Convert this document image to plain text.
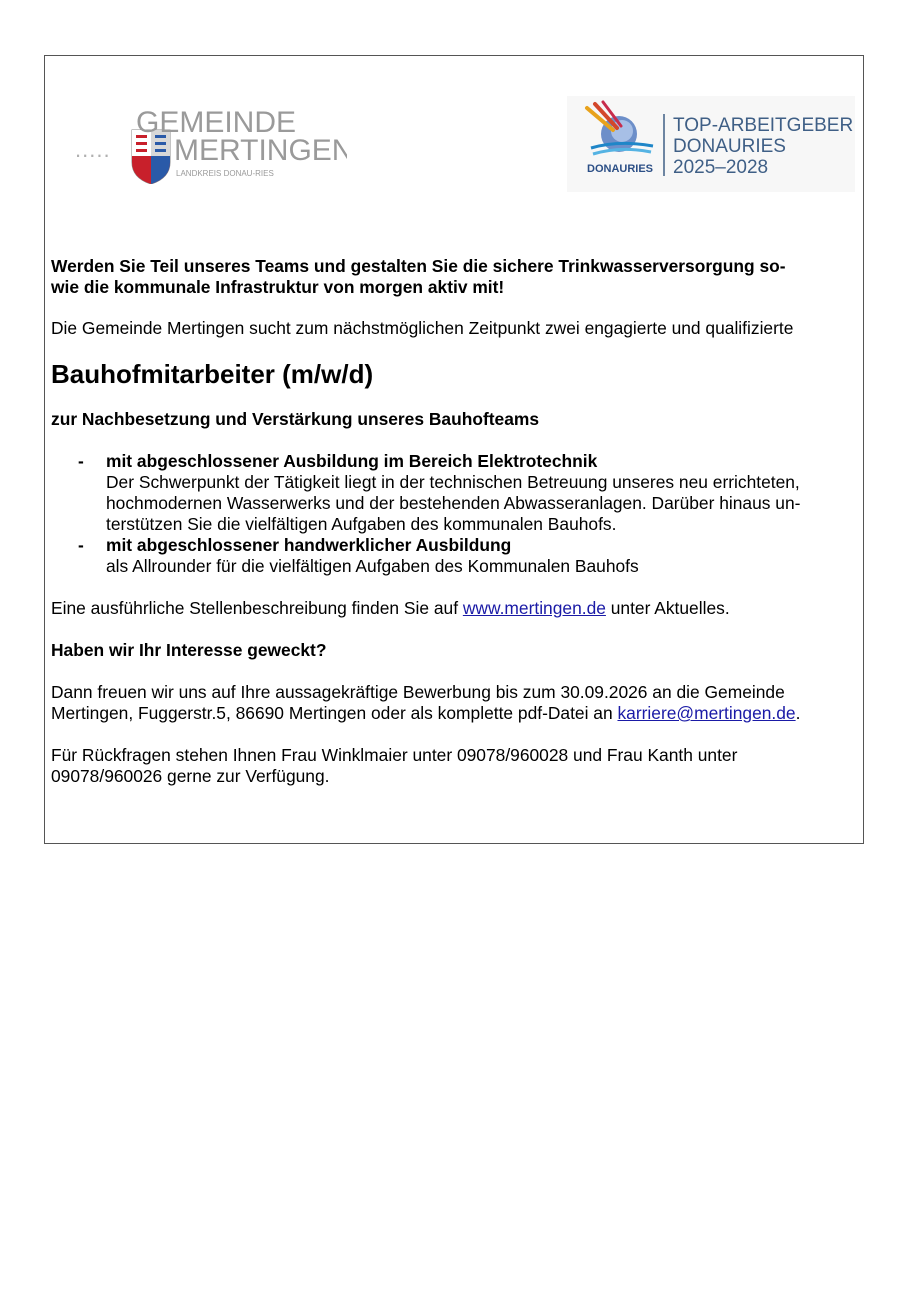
.....
GEMEINDE
MERTINGEN
LANDKREIS DONAU-RIES	DONAURIES
TOP-ARBEITGEBER
DONAURIES
2025–2028

Werden Sie Teil unseres Teams und gestalten Sie die sichere Trinkwasserversorgung so-
wie die kommunale Infrastruktur von morgen aktiv mit!

Die Gemeinde Mertingen sucht zum nächstmöglichen Zeitpunkt zwei engagierte und qualifizierte

Bauhofmitarbeiter (m/w/d)

zur Nachbesetzung und Verstärkung unseres Bauhofteams

- mit abgeschlossener Ausbildung im Bereich Elektrotechnik

Der Schwerpunkt der Tätigkeit liegt in der technischen Betreuung unseres neu errichteten,
hochmodernen Wasserwerks und der bestehenden Abwasseranlagen. Darüber hinaus un-
terstützen Sie die vielfältigen Aufgaben des kommunalen Bauhofs.

- mit abgeschlossener handwerklicher Ausbildung

als Allrounder für die vielfältigen Aufgaben des Kommunalen Bauhofs

Eine ausführliche Stellenbeschreibung finden Sie auf www.mertingen.de unter Aktuelles.

Haben wir Ihr Interesse geweckt?

Dann freuen wir uns auf Ihre aussagekräftige Bewerbung bis zum 30.09.2026 an die Gemeinde
Mertingen, Fuggerstr.5, 86690 Mertingen oder als komplette pdf-Datei an karriere@mertingen.de.

Für Rückfragen stehen Ihnen Frau Winklmaier unter 09078/960028 und Frau Kanth unter
09078/960026 gerne zur Verfügung.
